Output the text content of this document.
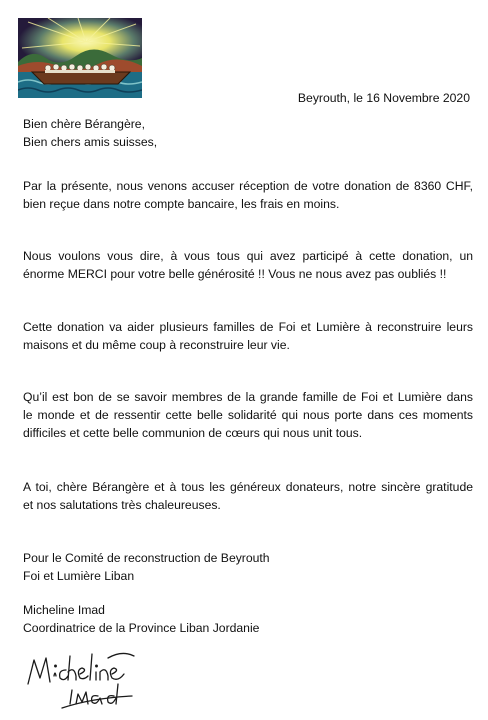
Beyrouth, le 16 Novembre 2020
Bien chère Bérangère,
Bien chers amis suisses,
Par la présente, nous venons accuser réception de votre donation de 8360 CHF,
bien reçue dans notre compte bancaire, les frais en moins.
Nous voulons vous dire, à vous tous qui avez participé à cette donation, un
énorme MERCI pour votre belle générosité !! Vous ne nous avez pas oubliés !!
Cette donation va aider plusieurs familles de Foi et Lumière à reconstruire leurs
maisons et du même coup à reconstruire leur vie.
Qu’il est bon de se savoir membres de la grande famille de Foi et Lumière dans
le monde et de ressentir cette belle solidarité qui nous porte dans ces moments
difficiles et cette belle communion de cœurs qui nous unit tous.
A toi, chère Bérangère et à tous les généreux donateurs, notre sincère gratitude
et nos salutations très chaleureuses.
Pour le Comité de reconstruction de Beyrouth
Foi et Lumière Liban
Micheline Imad
Coordinatrice de la Province Liban Jordanie
